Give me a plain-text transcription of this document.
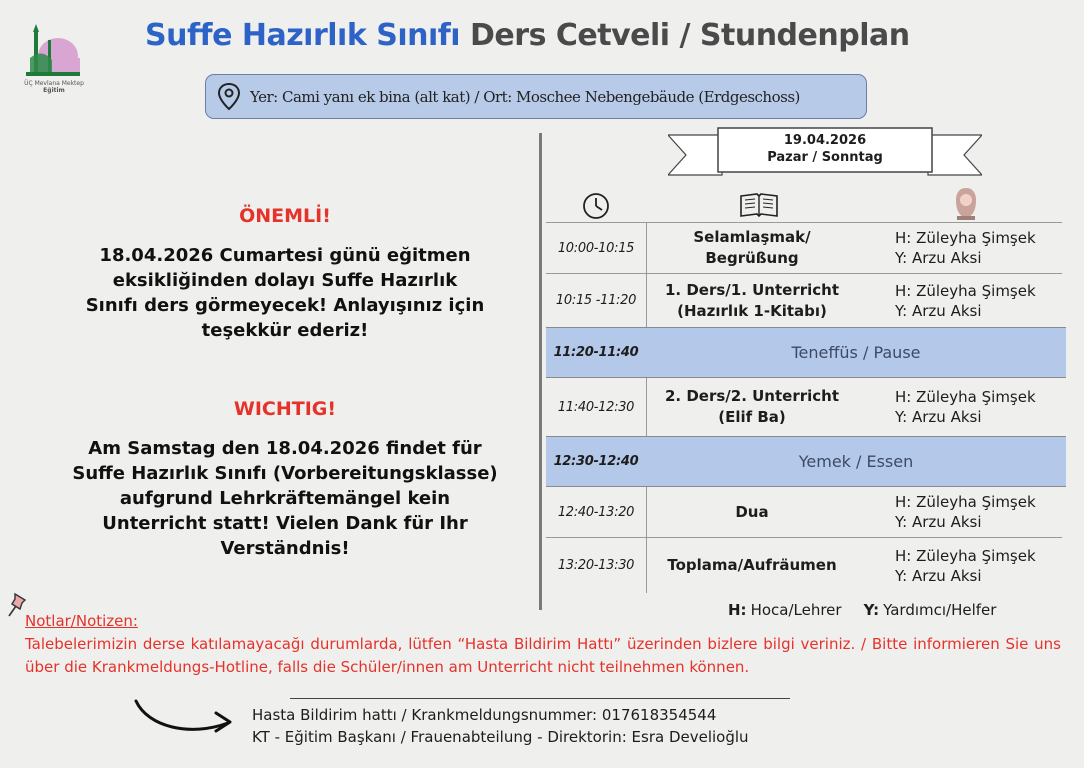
ÜÇ Mevlana Mektep
Eğitim
Suffe Hazırlık Sınıfı Ders Cetveli / Stundenplan
Yer: Cami yanı ek bina (alt kat) / Ort: Moschee Nebengebäude (Erdgeschoss)
ÖNEMLİ!
18.04.2026 Cumartesi günü eğitmen eksikliğinden dolayı Suffe Hazırlık Sınıfı ders görmeyecek! Anlayışınız için teşekkür ederiz!
WICHTIG!
Am Samstag den 18.04.2026 findet für Suffe Hazırlık Sınıfı (Vorbereitungsklasse) aufgrund Lehrkräftemängel kein Unterricht statt! Vielen Dank für Ihr Verständnis!
19.04.2026
Pazar / Sonntag
10:00-10:15
Selamlaşmak/ Begrüßung
H: Züleyha Şimşek
Y: Arzu Aksi
10:15 -11:20
1. Ders/1. Unterricht (Hazırlık 1-Kitabı)
H: Züleyha Şimşek
Y: Arzu Aksi
11:20-11:40	Teneffüs / Pause
11:40-12:30
2. Ders/2. Unterricht (Elif Ba)
H: Züleyha Şimşek
Y: Arzu Aksi
12:30-12:40	Yemek / Essen
12:40-13:20	Dua
H: Züleyha Şimşek
Y: Arzu Aksi
13:20-13:30	Toplama/Aufräumen
H: Züleyha Şimşek
Y: Arzu Aksi
H: Hoca/Lehrer Y: Yardımcı/Helfer
Notlar/Notizen:
Talebelerimizin derse katılamayacağı durumlarda, lütfen “Hasta Bildirim Hattı” üzerinden bizlere bilgi veriniz. / Bitte informieren Sie uns über die Krankmeldungs-Hotline, falls die Schüler/innen am Unterricht nicht teilnehmen können.
Hasta Bildirim hattı / Krankmeldungsnummer: 017618354544
KT - Eğitim Başkanı / Frauenabteilung - Direktorin: Esra Develioğlu
